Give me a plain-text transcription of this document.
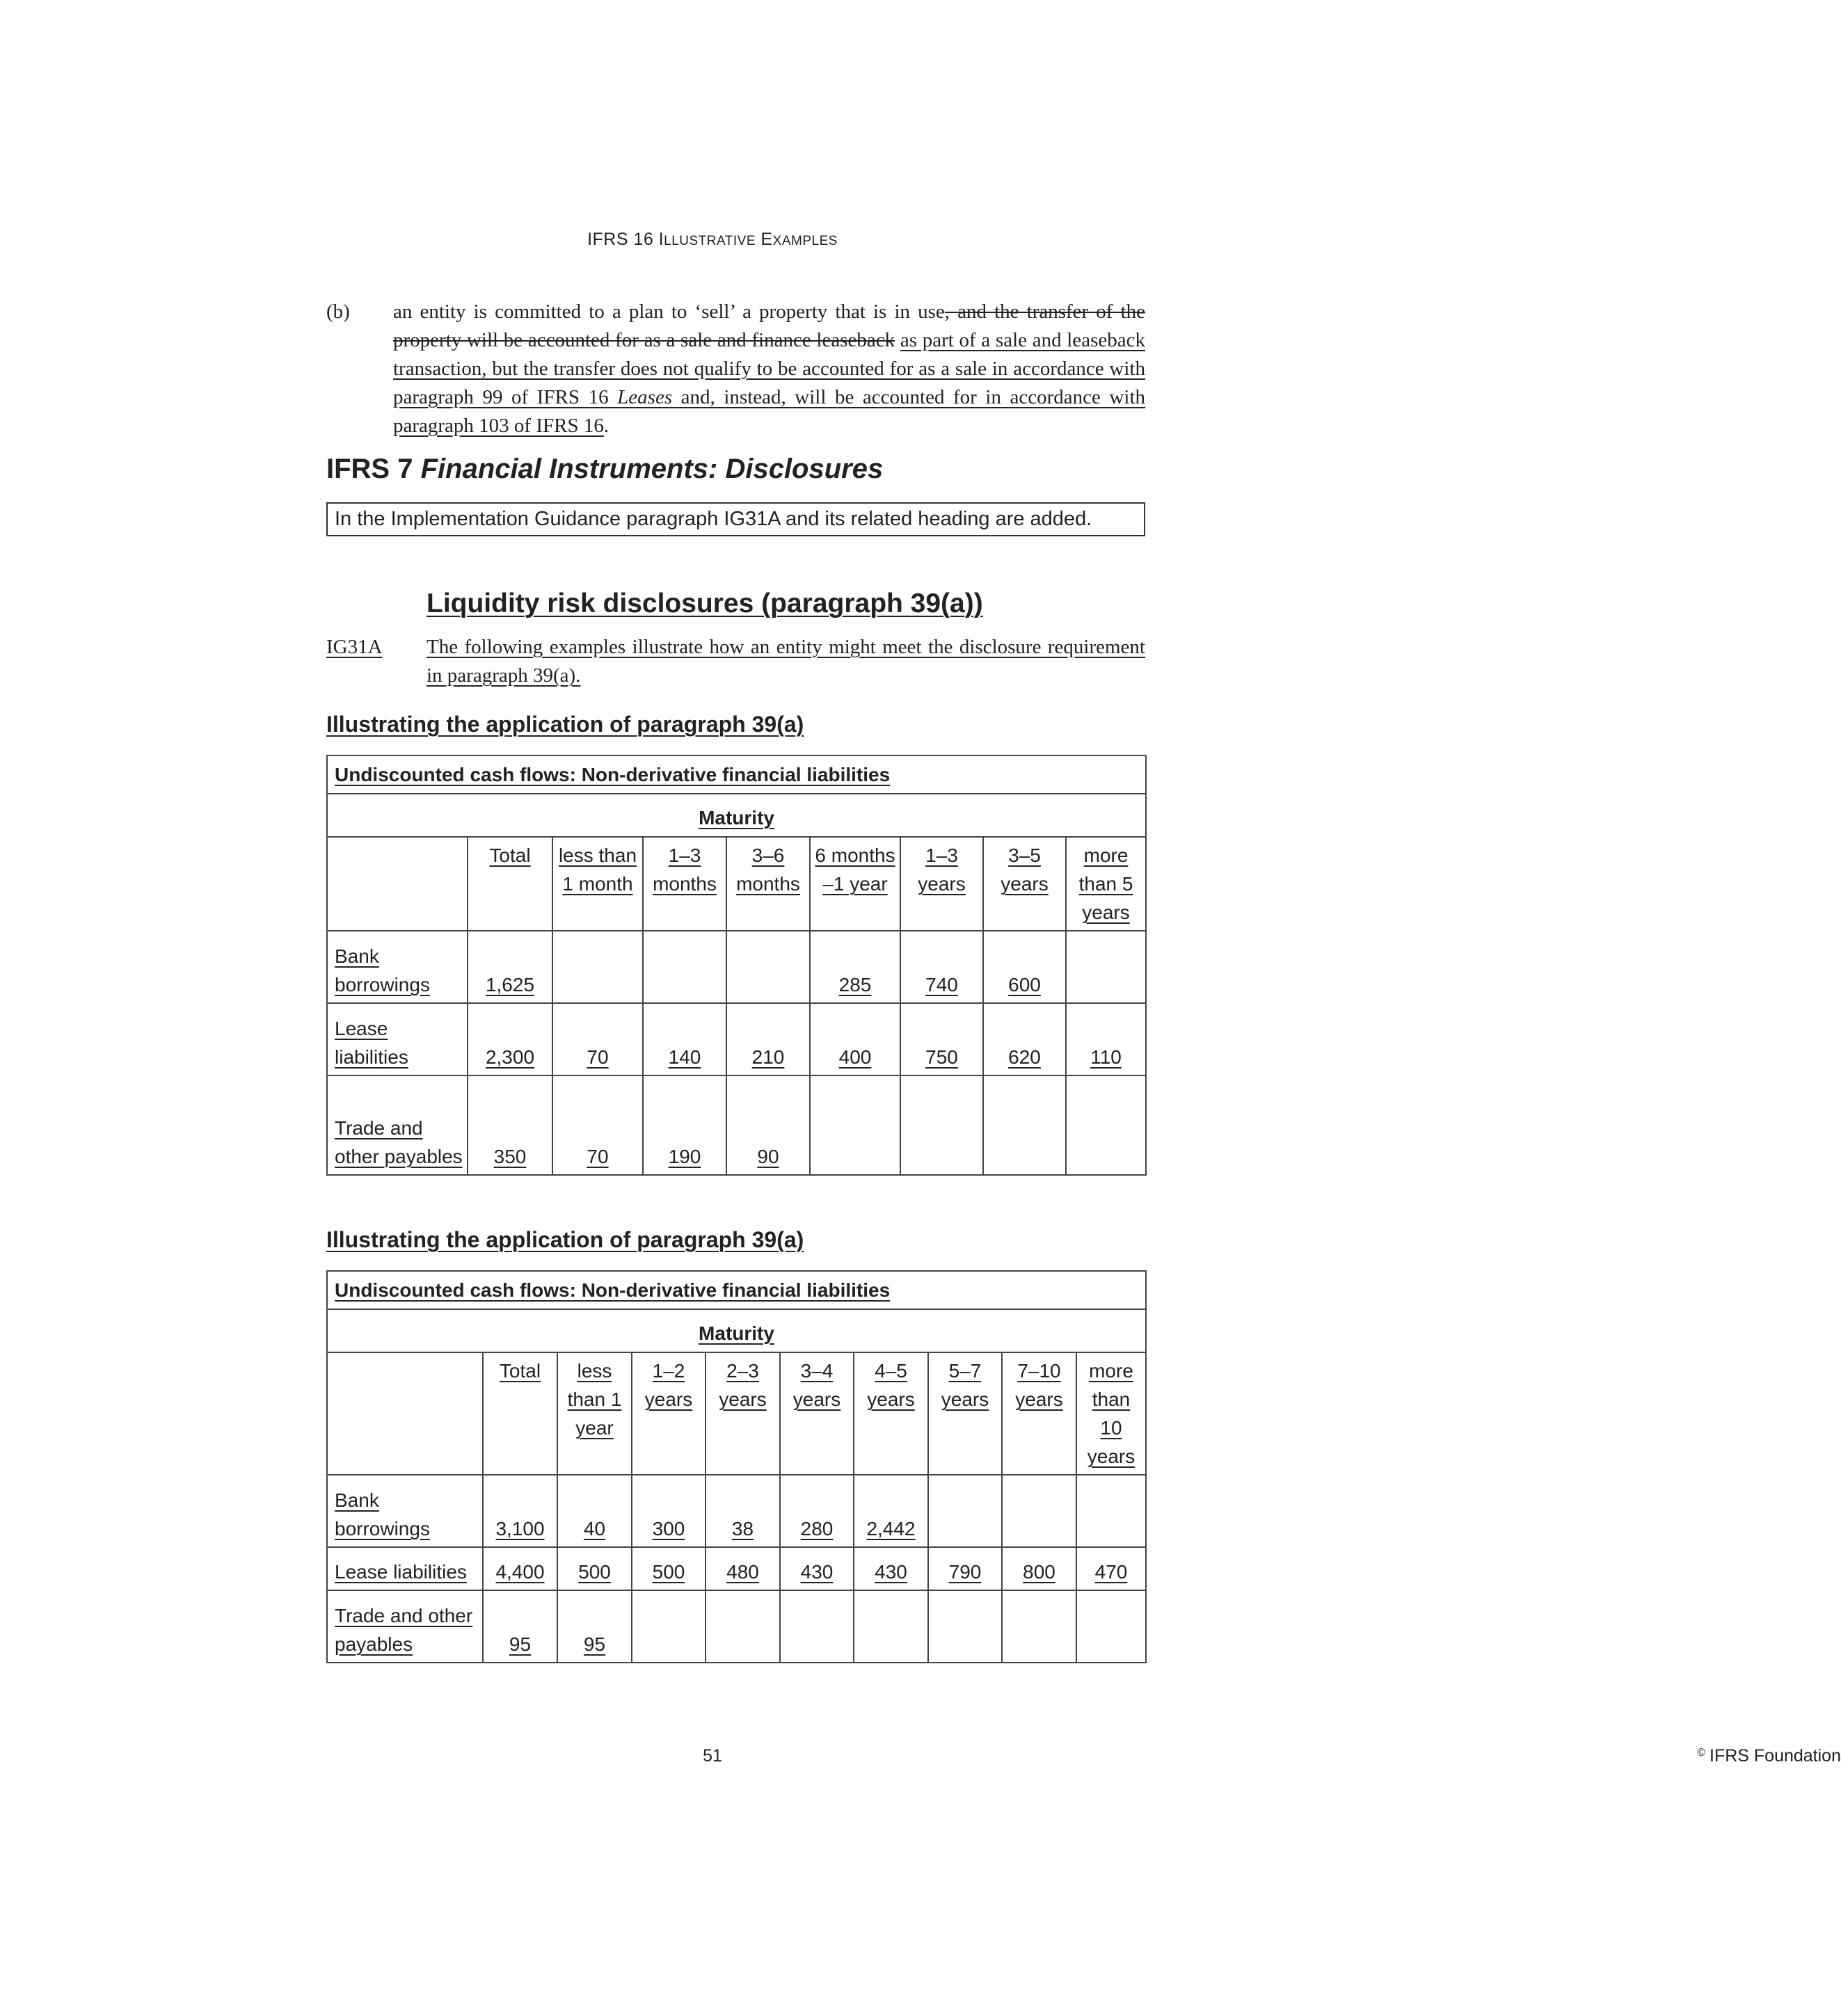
IFRS 16 ILLUSTRATIVE EXAMPLES
(b) an entity is committed to a plan to ‘sell’ a property that is in use, and the transfer of the property will be accounted for as a sale and finance leaseback as part of a sale and leaseback transaction, but the transfer does not qualify to be accounted for as a sale in accordance with paragraph 99 of IFRS 16 Leases and, instead, will be accounted for in accordance with paragraph 103 of IFRS 16.
IFRS 7 Financial Instruments: Disclosures
In the Implementation Guidance paragraph IG31A and its related heading are added.
Liquidity risk disclosures (paragraph 39(a))
IG31A The following examples illustrate how an entity might meet the disclosure requirement in paragraph 39(a).
Illustrating the application of paragraph 39(a)
Undiscounted cash flows: Non-derivative financial liabilities								
Maturity								
	Total	less than 1 month	1–3 months	3–6 months	6 months –1 year	1–3 years	3–5 years	more than 5 years
Bank borrowings	1,625				285	740	600	
Lease liabilities	2,300	70	140	210	400	750	620	110
Trade and other payables	350	70	190	90				
Illustrating the application of paragraph 39(a)
Undiscounted cash flows: Non-derivative financial liabilities									
Maturity									
	Total	less than 1 year	1–2 years	2–3 years	3–4 years	4–5 years	5–7 years	7–10 years	more than 10 years
Bank borrowings	3,100	40	300	38	280	2,442			
Lease liabilities	4,400	500	500	480	430	430	790	800	470
Trade and other payables	95	95							
51	© IFRS Foundation
